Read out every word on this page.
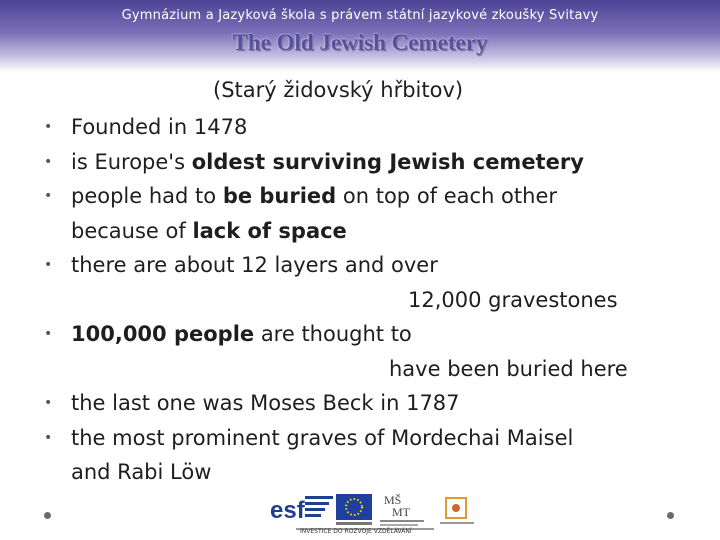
Gymnázium a Jazyková škola s právem státní jazykové zkoušky Svitavy
The Old Jewish Cemetery
(Starý židovský hřbitov)
• Founded in 1478
• is Europe's oldest surviving Jewish cemetery
• people had to be buried on top of each other
because of lack of space
• there are about 12 layers and over
12,000 gravestones
• 100,000 people are thought to
have been buried here
• the last one was Moses Beck in 1787
• the most prominent graves of Mordechai Maisel
and Rabi Löw
esf	MŠ
MT
INVESTICE DO ROZVOJE VZDĚLÁVÁNÍ
